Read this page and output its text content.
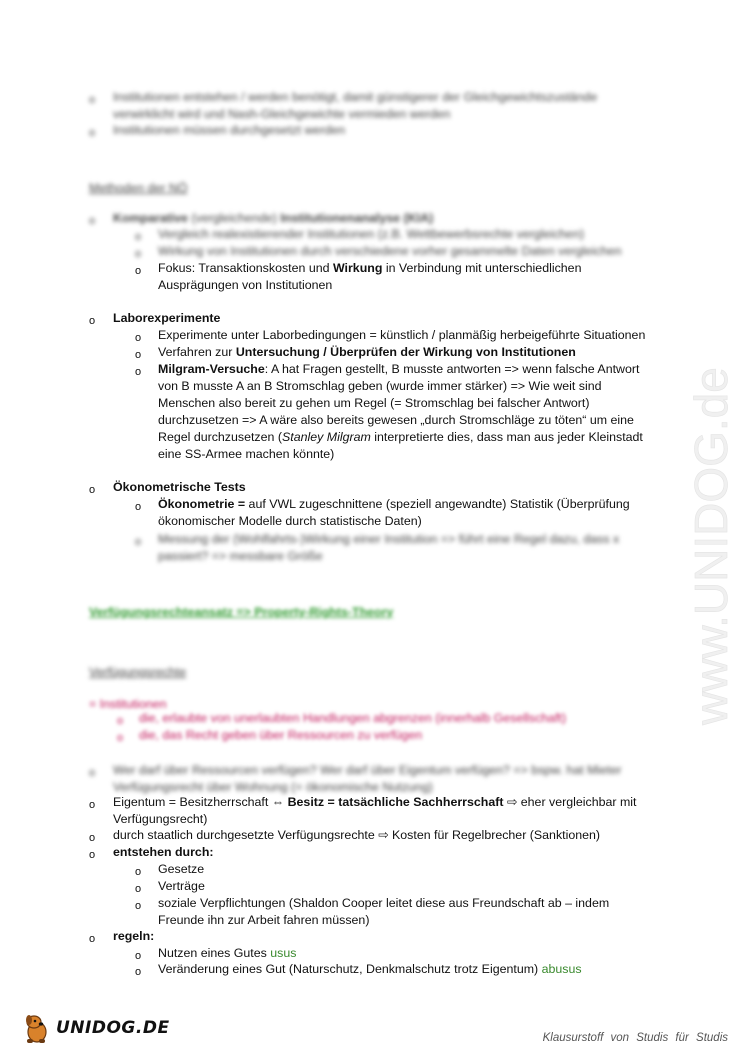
o Institutionen entstehen / werden benötigt, damit günstigerer der Gleichgewichtszustände
verwirklicht wird und Nash-Gleichgewichte vermieden werden
o Institutionen müssen durchgesetzt werden
Methoden der NÖ
o Komparative (vergleichende) Institutionenanalyse (KIA)
o Vergleich realexistierender Institutionen (z.B. Wettbewerbsrechte vergleichen)
o Wirkung von Institutionen durch verschiedene vorher gesammelte Daten vergleichen
o Fokus: Transaktionskosten und Wirkung in Verbindung mit unterschiedlichen
Ausprägungen von Institutionen
o Laborexperimente
o Experimente unter Laborbedingungen = künstlich / planmäßig herbeigeführte Situationen
o Verfahren zur Untersuchung / Überprüfen der Wirkung von Institutionen
o Milgram-Versuche: A hat Fragen gestellt, B musste antworten => wenn falsche Antwort
von B musste A an B Stromschlag geben (wurde immer stärker) => Wie weit sind
Menschen also bereit zu gehen um Regel (= Stromschlag bei falscher Antwort)
durchzusetzen => A wäre also bereits gewesen „durch Stromschläge zu töten“ um eine
Regel durchzusetzen (Stanley Milgram interpretierte dies, dass man aus jeder Kleinstadt
eine SS-Armee machen könnte)
o Ökonometrische Tests
o Ökonometrie = auf VWL zugeschnittene (speziell angewandte) Statistik (Überprüfung
ökonomischer Modelle durch statistische Daten)
o Messung der (Wohlfahrts-)Wirkung einer Institution => führt eine Regel dazu, dass x
passiert? => messbare Größe
Verfügungsrechteansatz => Property-Rights-Theory
Verfügungsrechte
= Institutionen
o die, erlaubte von unerlaubten Handlungen abgrenzen (innerhalb Gesellschaft)
o die, das Recht geben über Ressourcen zu verfügen
o Wer darf über Ressourcen verfügen? Wer darf über Eigentum verfügen? => bspw. hat Mieter
Verfügungsrecht über Wohnung (= ökonomische Nutzung)
o Eigentum = Besitzherrschaft ⇔ Besitz = tatsächliche Sachherrschaft ⇨ eher vergleichbar mit
Verfügungsrecht)
o durch staatlich durchgesetzte Verfügungsrechte ⇨ Kosten für Regelbrecher (Sanktionen)
o entstehen durch:
o Gesetze
o Verträge
o soziale Verpflichtungen (Shaldon Cooper leitet diese aus Freundschaft ab – indem
Freunde ihn zur Arbeit fahren müssen)
o regeln:
o Nutzen eines Gutes usus
o Veränderung eines Gut (Naturschutz, Denkmalschutz trotz Eigentum) abusus
www.UNIDOG.de
UNIDOG.DE
Klausurstoff von Studis für Studis
